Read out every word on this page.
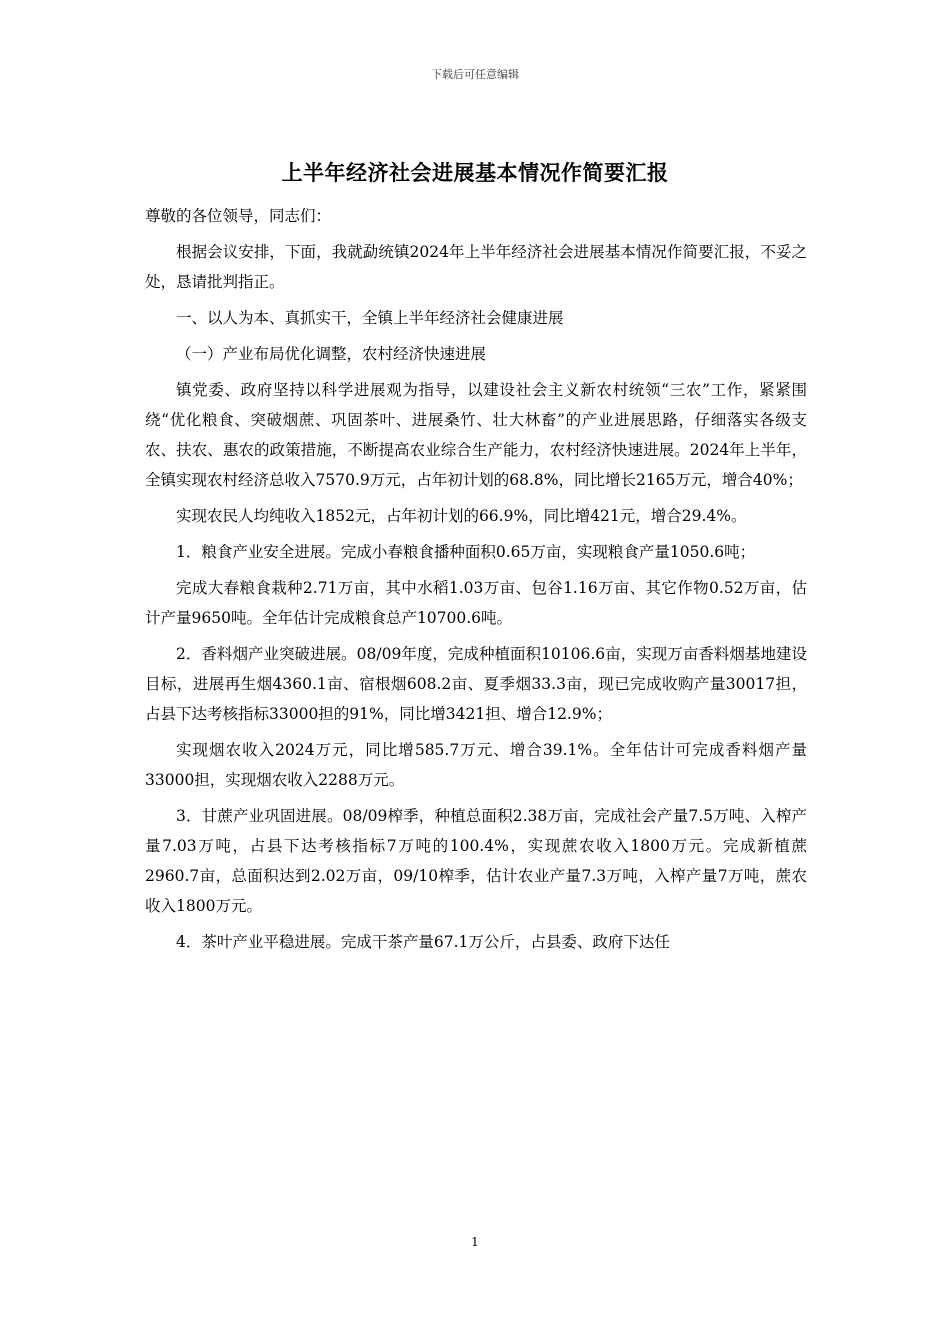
下载后可任意编辑
上半年经济社会进展基本情况作简要汇报

尊敬的各位领导，同志们：

根据会议安排，下面，我就勐统镇2024年上半年经济社会进展基本情况作简要汇报，不妥之处，恳请批判指正。

一、以人为本、真抓实干，全镇上半年经济社会健康进展

（一）产业布局优化调整，农村经济快速进展

镇党委、政府坚持以科学进展观为指导，以建设社会主义新农村统领“三农”工作，紧紧围绕“优化粮食、突破烟蔗、巩固茶叶、进展桑竹、壮大林畜”的产业进展思路，仔细落实各级支农、扶农、惠农的政策措施，不断提高农业综合生产能力，农村经济快速进展。2024年上半年，全镇实现农村经济总收入7570.9万元，占年初计划的68.8%，同比增长2165万元，增合40%；

实现农民人均纯收入1852元，占年初计划的66.9%，同比增421元，增合29.4%。

1．粮食产业安全进展。完成小春粮食播种面积0.65万亩，实现粮食产量1050.6吨；

完成大春粮食栽种2.71万亩，其中水稻1.03万亩、包谷1.16万亩、其它作物0.52万亩，估计产量9650吨。全年估计完成粮食总产10700.6吨。

2．香料烟产业突破进展。08/09年度，完成种植面积10106.6亩，实现万亩香料烟基地建设目标，进展再生烟4360.1亩、宿根烟608.2亩、夏季烟33.3亩，现已完成收购产量30017担，占县下达考核指标33000担的91%，同比增3421担、增合12.9%；

实现烟农收入2024万元，同比增585.7万元、增合39.1%。全年估计可完成香料烟产量33000担，实现烟农收入2288万元。

3．甘蔗产业巩固进展。08/09榨季，种植总面积2.38万亩，完成社会产量7.5万吨、入榨产量7.03万吨，占县下达考核指标7万吨的100.4%，实现蔗农收入1800万元。完成新植蔗2960.7亩，总面积达到2.02万亩，09/10榨季，估计农业产量7.3万吨，入榨产量7万吨，蔗农收入1800万元。

4．茶叶产业平稳进展。完成干茶产量67.1万公斤，占县委、政府下达任

1
